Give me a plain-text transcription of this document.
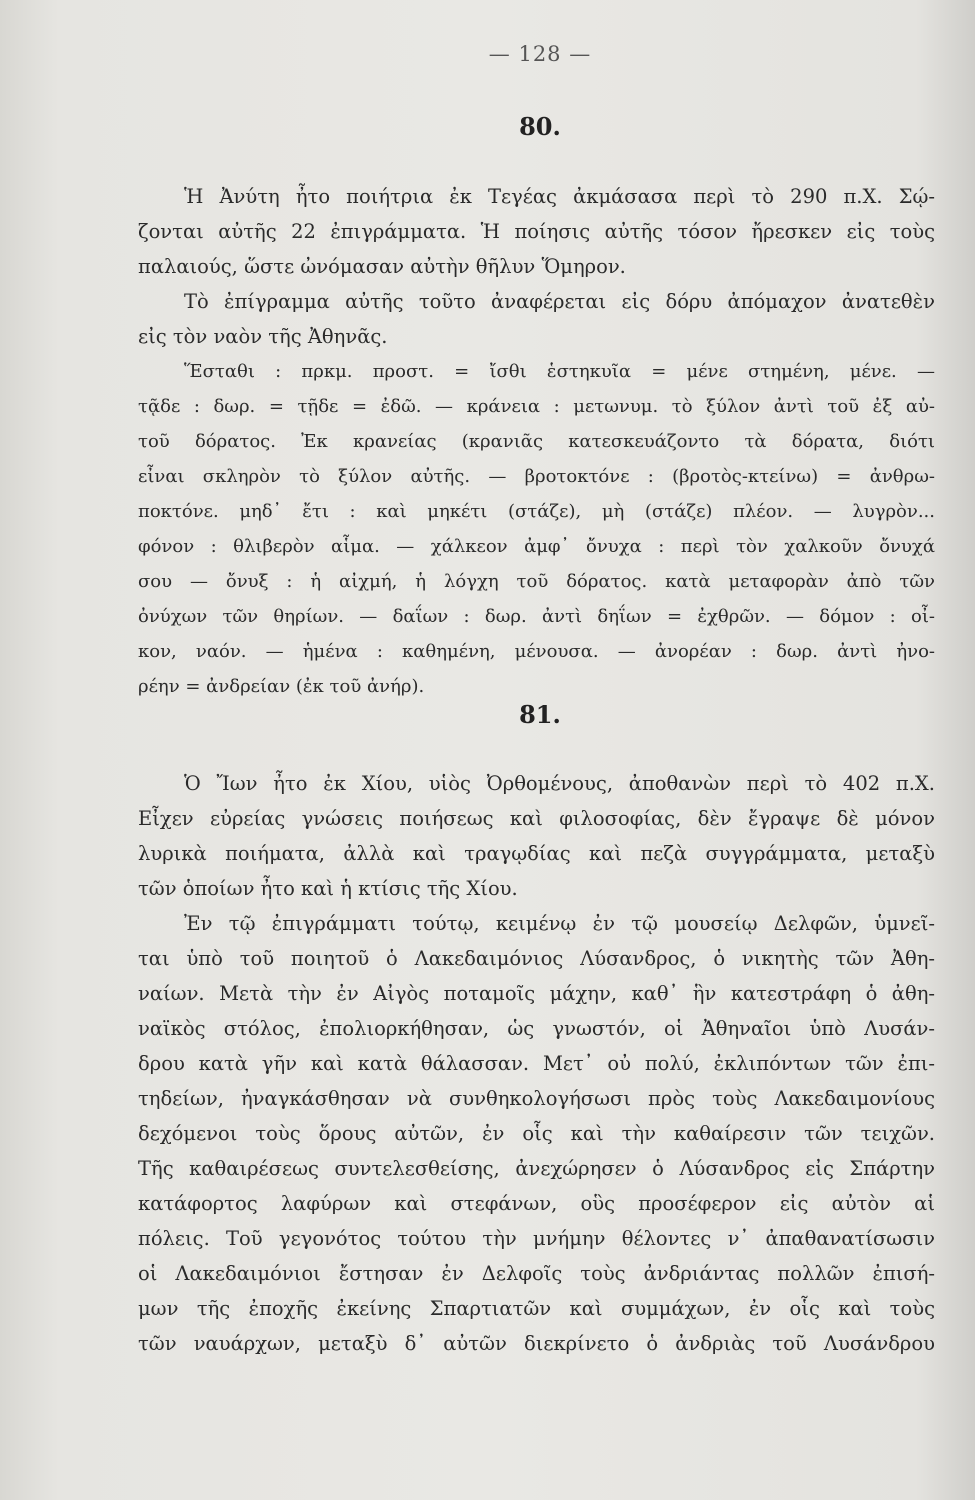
— 128 —
80.
Ἡ Ἀνύτη ἦτο ποιήτρια ἐκ Τεγέας ἀκμάσασα περὶ τὸ 290 π.Χ. Σῴ-
ζονται αὐτῆς 22 ἐπιγράμματα. Ἡ ποίησις αὐτῆς τόσον ἤρεσκεν εἰς τοὺς
παλαιούς, ὥστε ὠνόμασαν αὐτὴν θῆλυν Ὅμηρον.
Τὸ ἐπίγραμμα αὐτῆς τοῦτο ἀναφέρεται εἰς δόρυ ἀπόμαχον ἀνατεθὲν
εἰς τὸν ναὸν τῆς Ἀθηνᾶς.
Ἕσταθι : πρκμ. προστ. = ἴσθι ἑστηκυῖα = μένε στημένη, μένε. —
τᾷδε : δωρ. = τῇδε = ἐδῶ. — κράνεια : μετωνυμ. τὸ ξύλον ἀντὶ τοῦ ἐξ αὐ-
τοῦ δόρατος. Ἐκ κρανείας (κρανιᾶς κατεσκευάζοντο τὰ δόρατα, διότι
εἶναι σκληρὸν τὸ ξύλον αὐτῆς. — βροτοκτόνε : (βροτὸς-κτείνω) = ἀνθρω-
ποκτόνε. μηδ᾽ ἔτι : καὶ μηκέτι (στάζε), μὴ (στάζε) πλέον. — λυγρὸν...
φόνον : θλιβερὸν αἷμα. — χάλκεον ἀμφ᾽ ὄνυχα : περὶ τὸν χαλκοῦν ὄνυχά
σου — ὄνυξ : ἡ αἰχμή, ἡ λόγχη τοῦ δόρατος. κατὰ μεταφορὰν ἀπὸ τῶν
ὀνύχων τῶν θηρίων. — δαΐων : δωρ. ἀντὶ δηΐων = ἐχθρῶν. — δόμον : οἶ-
κον, ναόν. — ἡμένα : καθημένη, μένουσα. — ἀνορέαν : δωρ. ἀντὶ ἠνο-
ρέην = ἀνδρείαν (ἐκ τοῦ ἀνήρ).
81.
Ὁ Ἴων ἦτο ἐκ Χίου, υἱὸς Ὀρθομένους, ἀποθανὼν περὶ τὸ 402 π.Χ.
Εἶχεν εὐρείας γνώσεις ποιήσεως καὶ φιλοσοφίας, δὲν ἔγραψε δὲ μόνον
λυρικὰ ποιήματα, ἀλλὰ καὶ τραγῳδίας καὶ πεζὰ συγγράμματα, μεταξὺ
τῶν ὁποίων ἦτο καὶ ἡ κτίσις τῆς Χίου.
Ἐν τῷ ἐπιγράμματι τούτῳ, κειμένῳ ἐν τῷ μουσείῳ Δελφῶν, ὑμνεῖ-
ται ὑπὸ τοῦ ποιητοῦ ὁ Λακεδαιμόνιος Λύσανδρος, ὁ νικητὴς τῶν Ἀθη-
ναίων. Μετὰ τὴν ἐν Αἰγὸς ποταμοῖς μάχην, καθ᾽ ἣν κατεστράφη ὁ ἀθη-
ναϊκὸς στόλος, ἐπολιορκήθησαν, ὡς γνωστόν, οἱ Ἀθηναῖοι ὑπὸ Λυσάν-
δρου κατὰ γῆν καὶ κατὰ θάλασσαν. Μετ᾽ οὐ πολύ, ἐκλιπόντων τῶν ἐπι-
τηδείων, ἠναγκάσθησαν νὰ συνθηκολογήσωσι πρὸς τοὺς Λακεδαιμονίους
δεχόμενοι τοὺς ὅρους αὐτῶν, ἐν οἷς καὶ τὴν καθαίρεσιν τῶν τειχῶν.
Τῆς καθαιρέσεως συντελεσθείσης, ἀνεχώρησεν ὁ Λύσανδρος εἰς Σπάρτην
κατάφορτος λαφύρων καὶ στεφάνων, οὓς προσέφερον εἰς αὐτὸν αἱ
πόλεις. Τοῦ γεγονότος τούτου τὴν μνήμην θέλοντες ν᾽ ἀπαθανατίσωσιν
οἱ Λακεδαιμόνιοι ἔστησαν ἐν Δελφοῖς τοὺς ἀνδριάντας πολλῶν ἐπισή-
μων τῆς ἐποχῆς ἐκείνης Σπαρτιατῶν καὶ συμμάχων, ἐν οἷς καὶ τοὺς
τῶν ναυάρχων, μεταξὺ δ᾽ αὐτῶν διεκρίνετο ὁ ἀνδριὰς τοῦ Λυσάνδρου
